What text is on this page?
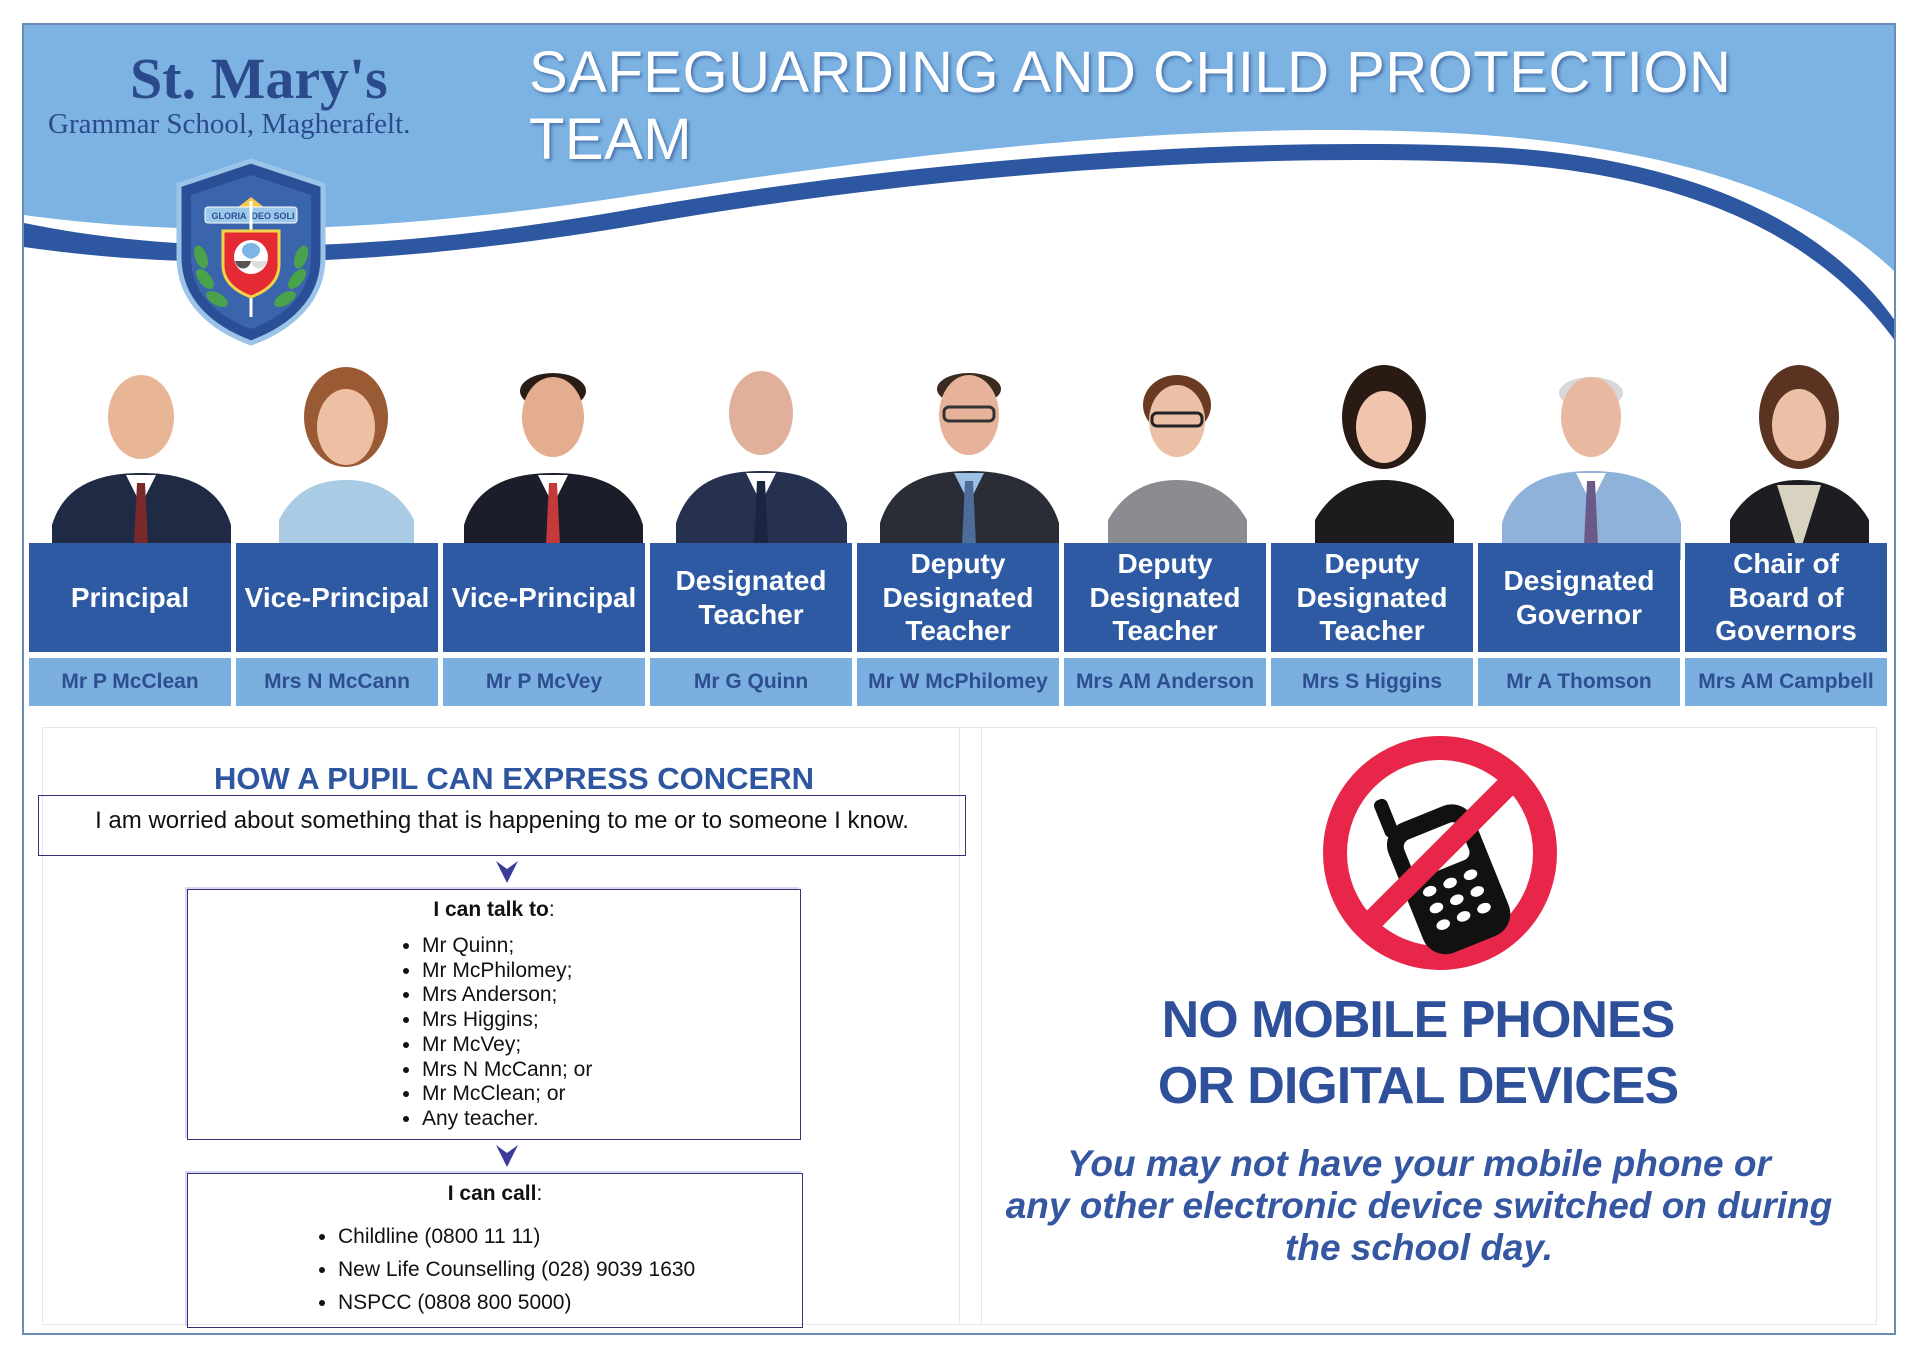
St. Mary's
Grammar School, Magherafelt.
SAFEGUARDING AND CHILD PROTECTION TEAM
GLORIA DEO SOLI
Principal
Mr P McClean
Vice-Principal
Mrs N McCann
Vice-Principal
Mr P McVey
Designated Teacher
Mr G Quinn
Deputy Designated Teacher
Mr W McPhilomey
Deputy Designated Teacher
Mrs AM Anderson
Deputy Designated Teacher
Mrs S Higgins
Designated Governor
Mr A Thomson
Chair of Board of Governors
Mrs AM Campbell
HOW A PUPIL CAN EXPRESS CONCERN
I am worried about something that is happening to me or to someone I know.
I can talk to:
• Mr Quinn;
• Mr McPhilomey;
• Mrs Anderson;
• Mrs Higgins;
• Mr McVey;
• Mrs N McCann; or
• Mr McClean; or
• Any teacher.
I can call:
• Childline (0800 11 11)
• New Life Counselling (028) 9039 1630
• NSPCC (0808 800 5000)
NO MOBILE PHONES
OR DIGITAL DEVICES
You may not have your mobile phone or
any other electronic device switched on during
the school day.
